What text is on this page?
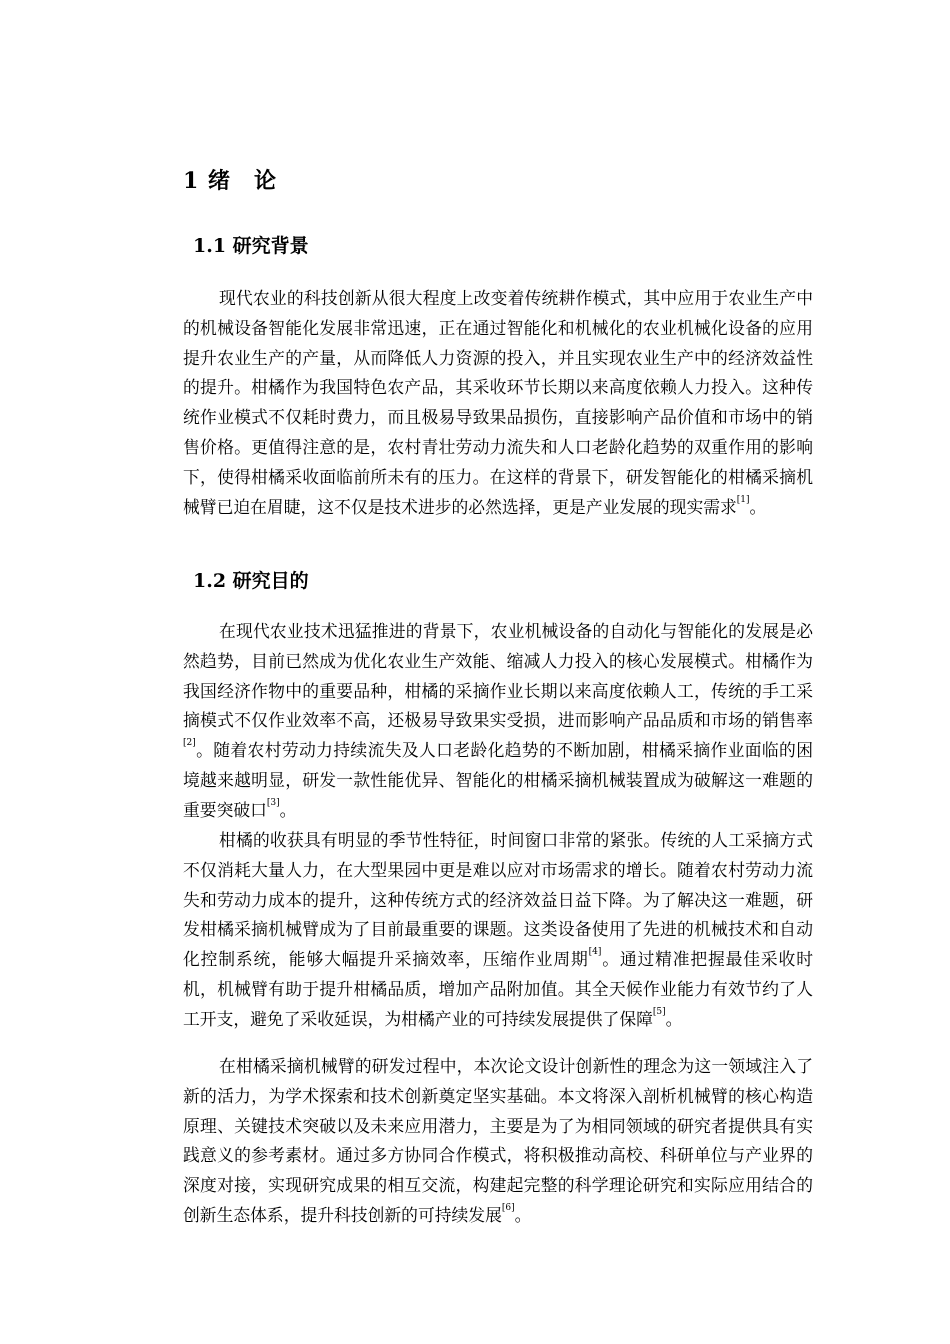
1 绪　论
1.1 研究背景

现代农业的科技创新从很大程度上改变着传统耕作模式，其中应用于农业生产中的机械设备智能化发展非常迅速，正在通过智能化和机械化的农业机械化设备的应用提升农业生产的产量，从而降低人力资源的投入，并且实现农业生产中的经济效益性的提升。柑橘作为我国特色农产品，其采收环节长期以来高度依赖人力投入。这种传统作业模式不仅耗时费力，而且极易导致果品损伤，直接影响产品价值和市场中的销售价格。更值得注意的是，农村青壮劳动力流失和人口老龄化趋势的双重作用的影响下，使得柑橘采收面临前所未有的压力。在这样的背景下，研发智能化的柑橘采摘机械臂已迫在眉睫，这不仅是技术进步的必然选择，更是产业发展的现实需求[1]。

1.2 研究目的

在现代农业技术迅猛推进的背景下，农业机械设备的自动化与智能化的发展是必然趋势，目前已然成为优化农业生产效能、缩减人力投入的核心发展模式。柑橘作为我国经济作物中的重要品种，柑橘的采摘作业长期以来高度依赖人工，传统的手工采摘模式不仅作业效率不高，还极易导致果实受损，进而影响产品品质和市场的销售率[2]。随着农村劳动力持续流失及人口老龄化趋势的不断加剧，柑橘采摘作业面临的困境越来越明显，研发一款性能优异、智能化的柑橘采摘机械装置成为破解这一难题的重要突破口[3]。

柑橘的收获具有明显的季节性特征，时间窗口非常的紧张。传统的人工采摘方式不仅消耗大量人力，在大型果园中更是难以应对市场需求的增长。随着农村劳动力流失和劳动力成本的提升，这种传统方式的经济效益日益下降。为了解决这一难题，研发柑橘采摘机械臂成为了目前最重要的课题。这类设备使用了先进的机械技术和自动化控制系统，能够大幅提升采摘效率，压缩作业周期[4]。通过精准把握最佳采收时机，机械臂有助于提升柑橘品质，增加产品附加值。其全天候作业能力有效节约了人工开支，避免了采收延误，为柑橘产业的可持续发展提供了保障[5]。

在柑橘采摘机械臂的研发过程中，本次论文设计创新性的理念为这一领域注入了新的活力，为学术探索和技术创新奠定坚实基础。本文将深入剖析机械臂的核心构造原理、关键技术突破以及未来应用潜力，主要是为了为相同领域的研究者提供具有实践意义的参考素材。通过多方协同合作模式，将积极推动高校、科研单位与产业界的深度对接，实现研究成果的相互交流，构建起完整的科学理论研究和实际应用结合的创新生态体系，提升科技创新的可持续发展[6]。
